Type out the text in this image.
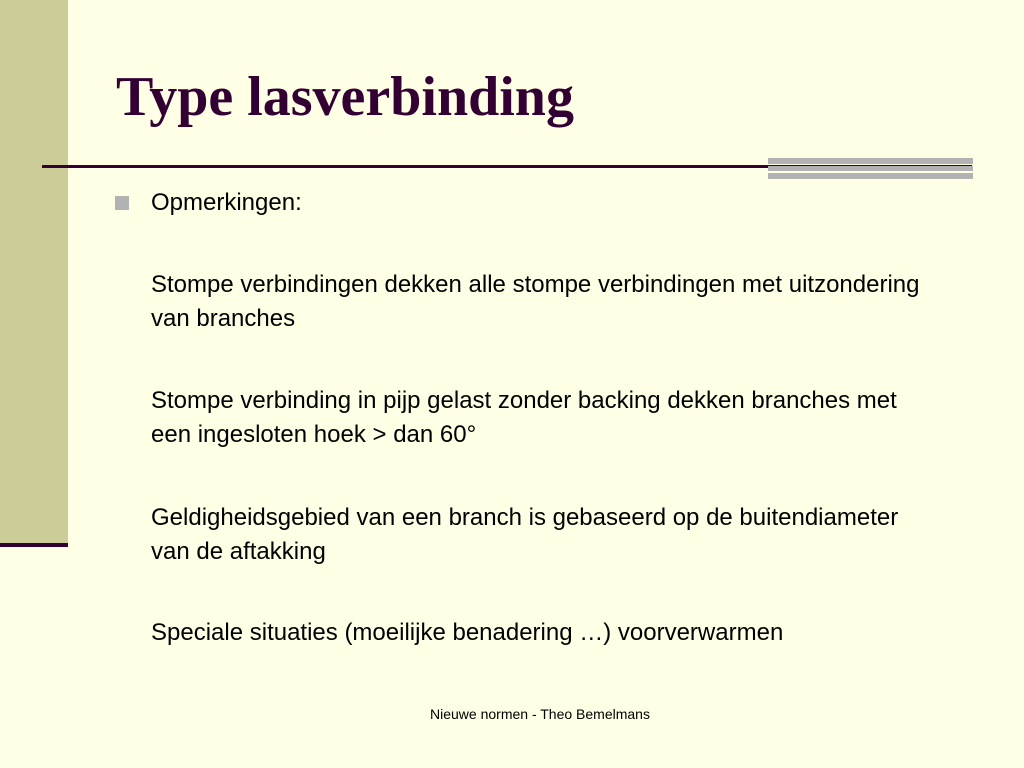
Type lasverbinding

Opmerkingen:

Stompe verbindingen dekken alle stompe verbindingen met uitzondering van branches

Stompe verbinding in pijp gelast zonder backing dekken branches met een ingesloten hoek > dan 60°

Geldigheidsgebied van een branch is gebaseerd op de buitendiameter van de aftakking

Speciale situaties (moeilijke benadering …) voorverwarmen

Nieuwe normen - Theo Bemelmans
